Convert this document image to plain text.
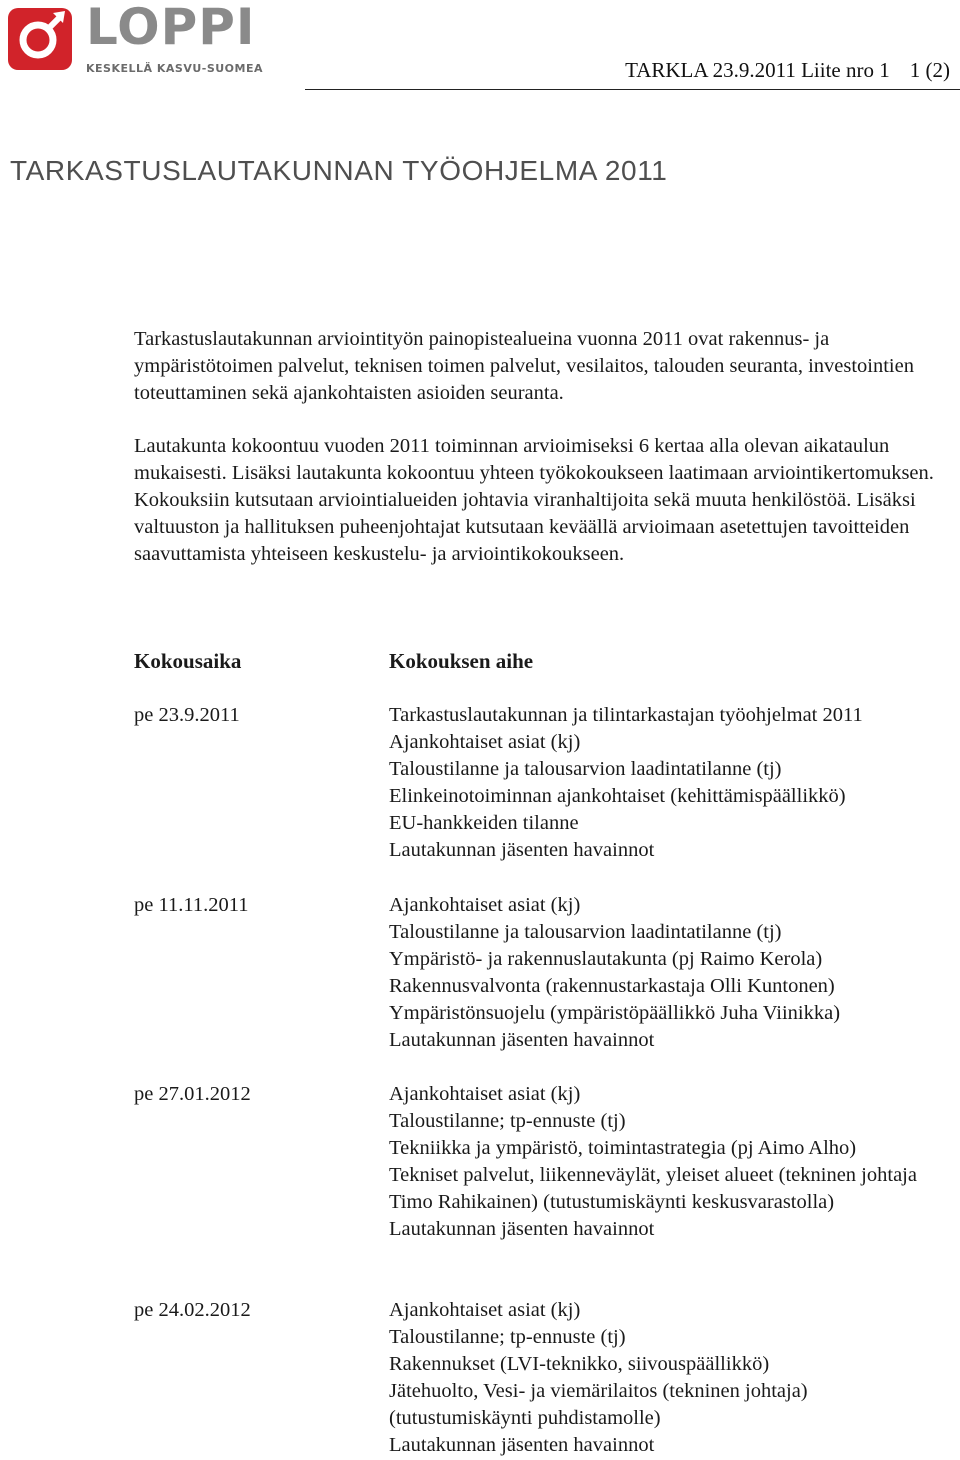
LOPPI
KESKELLÄ KASVU-SUOMEA	TARKLA 23.9.2011 Liite nro 1 1 (2)
TARKASTUSLAUTAKUNNAN TYÖOHJELMA 2011
Tarkastuslautakunnan arviointityön painopistealueina vuonna 2011 ovat rakennus- ja ympäristötoimen palvelut, teknisen toimen palvelut, vesilaitos, talouden seuranta, investointien toteuttaminen sekä ajankohtaisten asioiden seuranta.
Lautakunta kokoontuu vuoden 2011 toiminnan arvioimiseksi 6 kertaa alla olevan aikataulun mukaisesti. Lisäksi lautakunta kokoontuu yhteen työkokoukseen laatimaan arviointikertomuksen. Kokouksiin kutsutaan arviointialueiden johtavia viranhaltijoita sekä muuta henkilöstöä. Lisäksi valtuuston ja hallituksen puheenjohtajat kutsutaan keväällä arvioimaan asetettujen tavoitteiden saavuttamista yhteiseen keskustelu- ja arviointikokoukseen.
Kokousaika	Kokouksen aihe
pe 23.9.2011	Tarkastuslautakunnan ja tilintarkastajan työohjelmat 2011
Ajankohtaiset asiat (kj)
Taloustilanne ja talousarvion laadintatilanne (tj)
Elinkeinotoiminnan ajankohtaiset (kehittämispäällikkö)
EU-hankkeiden tilanne
Lautakunnan jäsenten havainnot
pe 11.11.2011	Ajankohtaiset asiat (kj)
Taloustilanne ja talousarvion laadintatilanne (tj)
Ympäristö- ja rakennuslautakunta (pj Raimo Kerola)
Rakennusvalvonta (rakennustarkastaja Olli Kuntonen)
Ympäristönsuojelu (ympäristöpäällikkö Juha Viinikka)
Lautakunnan jäsenten havainnot
pe 27.01.2012	Ajankohtaiset asiat (kj)
Taloustilanne; tp-ennuste (tj)
Tekniikka ja ympäristö, toimintastrategia (pj Aimo Alho)
Tekniset palvelut, liikenneväylät, yleiset alueet (tekninen johtaja Timo Rahikainen) (tutustumiskäynti keskusvarastolla)
Lautakunnan jäsenten havainnot
pe 24.02.2012	Ajankohtaiset asiat (kj)
Taloustilanne; tp-ennuste (tj)
Rakennukset (LVI-teknikko, siivouspäällikkö)
Jätehuolto, Vesi- ja viemärilaitos (tekninen johtaja) (tutustumiskäynti puhdistamolle)
Lautakunnan jäsenten havainnot
